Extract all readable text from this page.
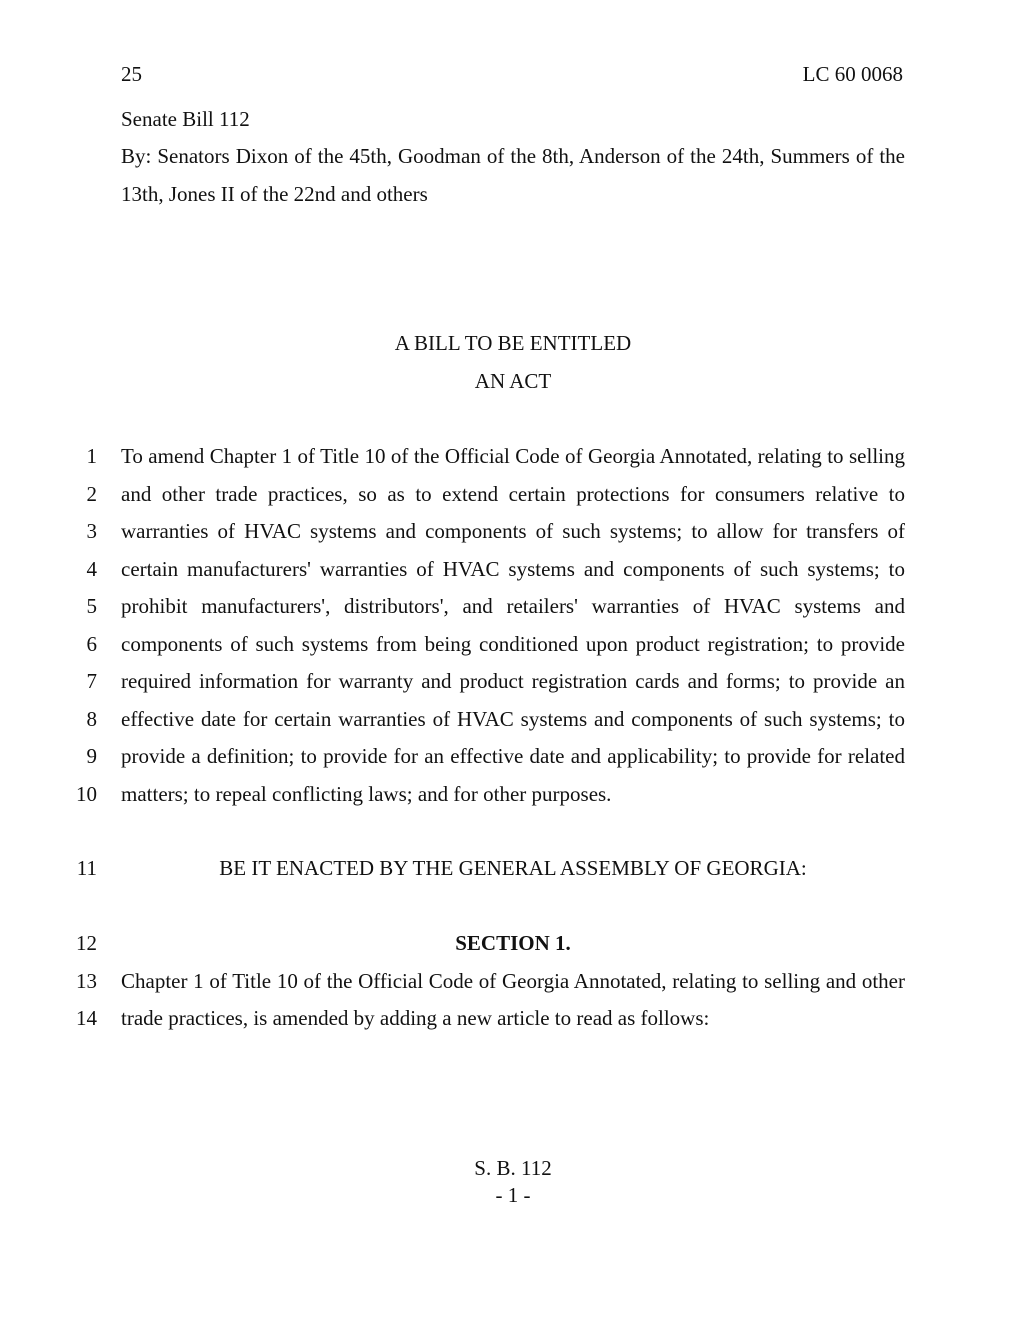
25	LC 60 0068
Senate Bill 112
By: Senators Dixon of the 45th, Goodman of the 8th, Anderson of the 24th, Summers of the
13th, Jones II of the 22nd and others
A BILL TO BE ENTITLED
AN ACT
1 To amend Chapter 1 of Title 10 of the Official Code of Georgia Annotated, relating to selling
2 and other trade practices, so as to extend certain protections for consumers relative to
3 warranties of HVAC systems and components of such systems; to allow for transfers of
4 certain manufacturers' warranties of HVAC systems and components of such systems; to
5 prohibit manufacturers', distributors', and retailers' warranties of HVAC systems and
6 components of such systems from being conditioned upon product registration; to provide
7 required information for warranty and product registration cards and forms; to provide an
8 effective date for certain warranties of HVAC systems and components of such systems; to
9 provide a definition; to provide for an effective date and applicability; to provide for related
10 matters; to repeal conflicting laws; and for other purposes.
11	BE IT ENACTED BY THE GENERAL ASSEMBLY OF GEORGIA:
12	SECTION 1.
13 Chapter 1 of Title 10 of the Official Code of Georgia Annotated, relating to selling and other
14 trade practices, is amended by adding a new article to read as follows:
S. B. 112
- 1 -
